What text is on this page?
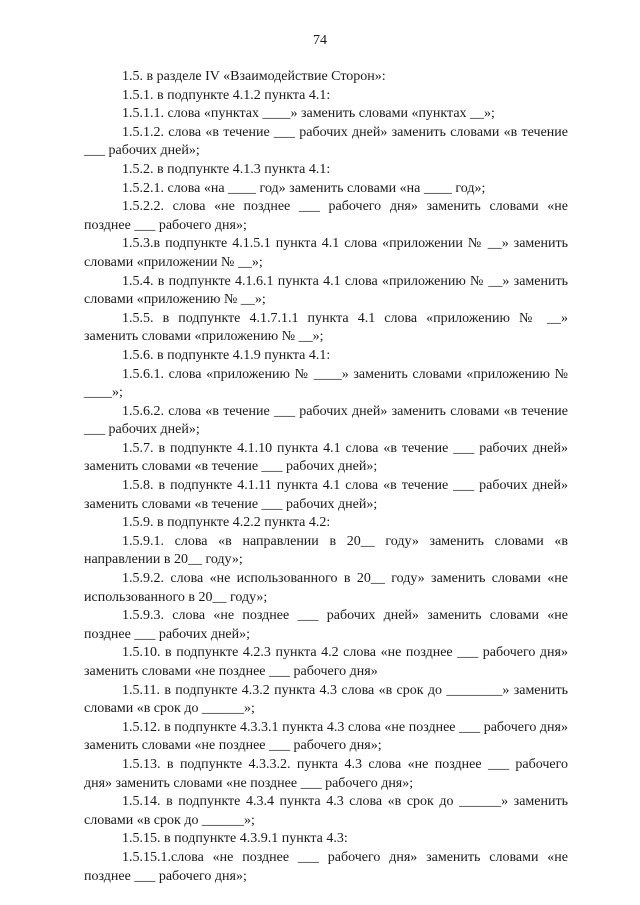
74

1.5. в разделе IV «Взаимодействие Сторон»:

1.5.1. в подпункте 4.1.2 пункта 4.1:

1.5.1.1. слова «пунктах ____» заменить словами «пунктах __»;

1.5.1.2. слова «в течение ___ рабочих дней» заменить словами «в течение ___ рабочих дней»;

1.5.2. в подпункте 4.1.3 пункта 4.1:

1.5.2.1. слова «на ____ год» заменить словами «на ____ год»;

1.5.2.2. слова «не позднее ___ рабочего дня» заменить словами «не позднее ___ рабочего дня»;

1.5.3.в подпункте 4.1.5.1 пункта 4.1 слова «приложении № __» заменить словами «приложении № __»;

1.5.4. в подпункте 4.1.6.1 пункта 4.1 слова «приложению № __» заменить словами «приложению № __»;

1.5.5. в подпункте 4.1.7.1.1 пункта 4.1 слова «приложению № __» заменить словами «приложению № __»;

1.5.6. в подпункте 4.1.9 пункта 4.1:

1.5.6.1. слова «приложению № ____» заменить словами «приложению № ____»;

1.5.6.2. слова «в течение ___ рабочих дней» заменить словами «в течение ___ рабочих дней»;

1.5.7. в подпункте 4.1.10 пункта 4.1 слова «в течение ___ рабочих дней» заменить словами «в течение ___ рабочих дней»;

1.5.8. в подпункте 4.1.11 пункта 4.1 слова «в течение ___ рабочих дней» заменить словами «в течение ___ рабочих дней»;

1.5.9. в подпункте 4.2.2 пункта 4.2:

1.5.9.1. слова «в направлении в 20__ году» заменить словами «в направлении в 20__ году»;

1.5.9.2. слова «не использованного в 20__ году» заменить словами «не использованного в 20__ году»;

1.5.9.3. слова «не позднее ___ рабочих дней» заменить словами «не позднее ___ рабочих дней»;

1.5.10. в подпункте 4.2.3 пункта 4.2 слова «не позднее ___ рабочего дня» заменить словами «не позднее ___ рабочего дня»

1.5.11. в подпункте 4.3.2 пункта 4.3 слова «в срок до ________» заменить словами «в срок до ______»;

1.5.12. в подпункте 4.3.3.1 пункта 4.3 слова «не позднее ___ рабочего дня» заменить словами «не позднее ___ рабочего дня»;

1.5.13. в подпункте 4.3.3.2. пункта 4.3 слова «не позднее ___ рабочего дня» заменить словами «не позднее ___ рабочего дня»;

1.5.14. в подпункте 4.3.4 пункта 4.3 слова «в срок до ______» заменить словами «в срок до ______»;

1.5.15. в подпункте 4.3.9.1 пункта 4.3:

1.5.15.1.слова «не позднее ___ рабочего дня» заменить словами «не позднее ___ рабочего дня»;
